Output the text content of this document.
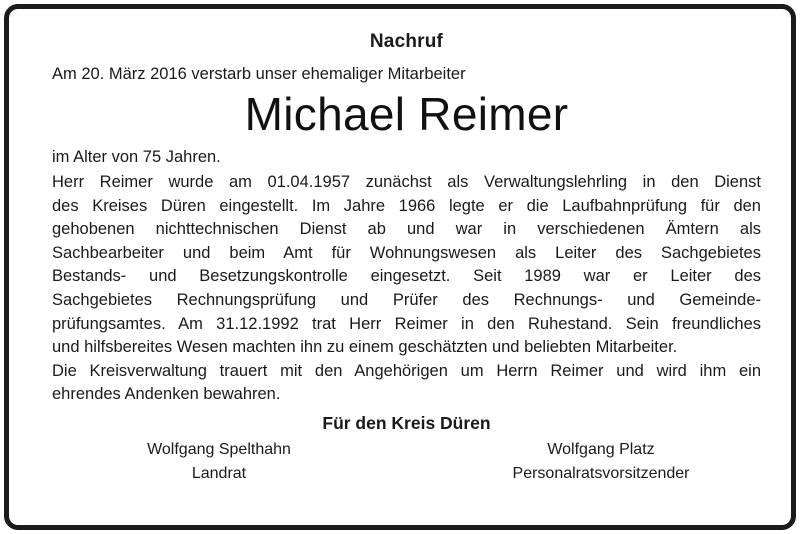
Nachruf

Am 20. März 2016 verstarb unser ehemaliger Mitarbeiter

Michael Reimer

im Alter von 75 Jahren.

Herr Reimer wurde am 01.04.1957 zunächst als Verwaltungslehrling in den Dienst
des Kreises Düren eingestellt. Im Jahre 1966 legte er die Laufbahnprüfung für den
gehobenen nichttechnischen Dienst ab und war in verschiedenen Ämtern als
Sachbearbeiter und beim Amt für Wohnungswesen als Leiter des Sachgebietes
Bestands- und Besetzungskontrolle eingesetzt. Seit 1989 war er Leiter des
Sachgebietes Rechnungsprüfung und Prüfer des Rechnungs- und Gemeinde-
prüfungsamtes. Am 31.12.1992 trat Herr Reimer in den Ruhestand. Sein freundliches
und hilfsbereites Wesen machten ihn zu einem geschätzten und beliebten Mitarbeiter.
Die Kreisverwaltung trauert mit den Angehörigen um Herrn Reimer und wird ihm ein
ehrendes Andenken bewahren.
Für den Kreis Düren
Wolfgang Spelthahn
Landrat
Wolfgang Platz
Personalratsvorsitzender
